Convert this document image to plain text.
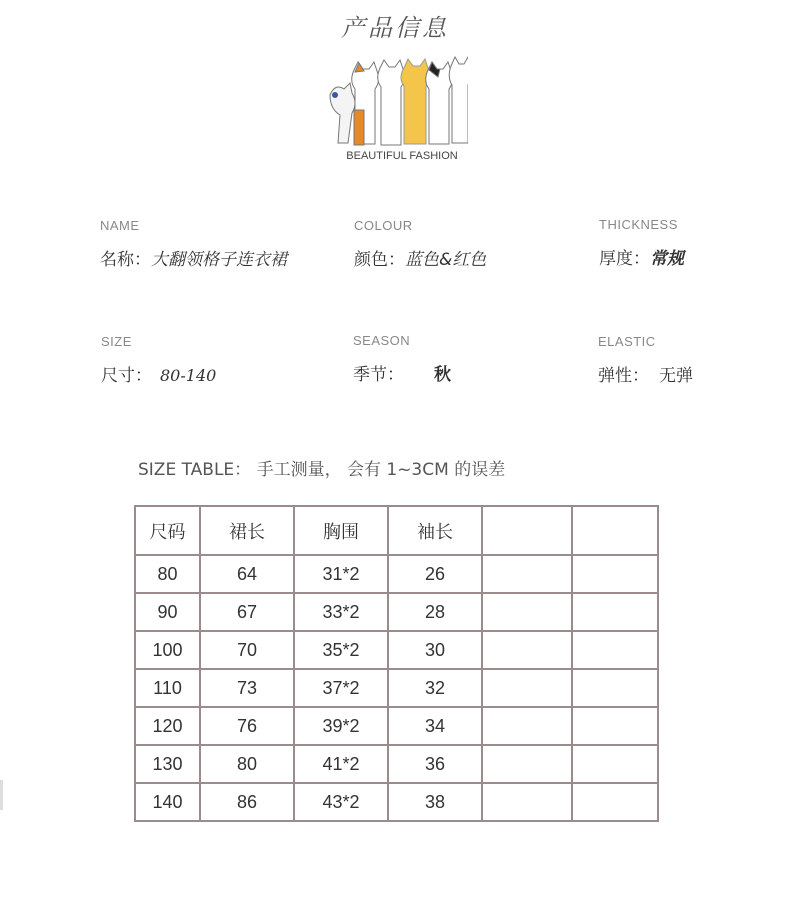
产品信息
BEAUTIFUL FASHION
NAME
名称：大翻领格子连衣裙
COLOUR
颜色：蓝色&红色
THICKNESS
厚度：常规
SIZE
尺寸： 80-140
SEASON
季节： 秋
ELASTIC
弹性： 无弹
SIZE TABLE： 手工测量， 会有 1~3CM 的误差
尺码	裙长	胸围	袖长		
80	64	31*2	26		
90	67	33*2	28		
100	70	35*2	30		
110	73	37*2	32		
120	76	39*2	34		
130	80	41*2	36		
140	86	43*2	38		
